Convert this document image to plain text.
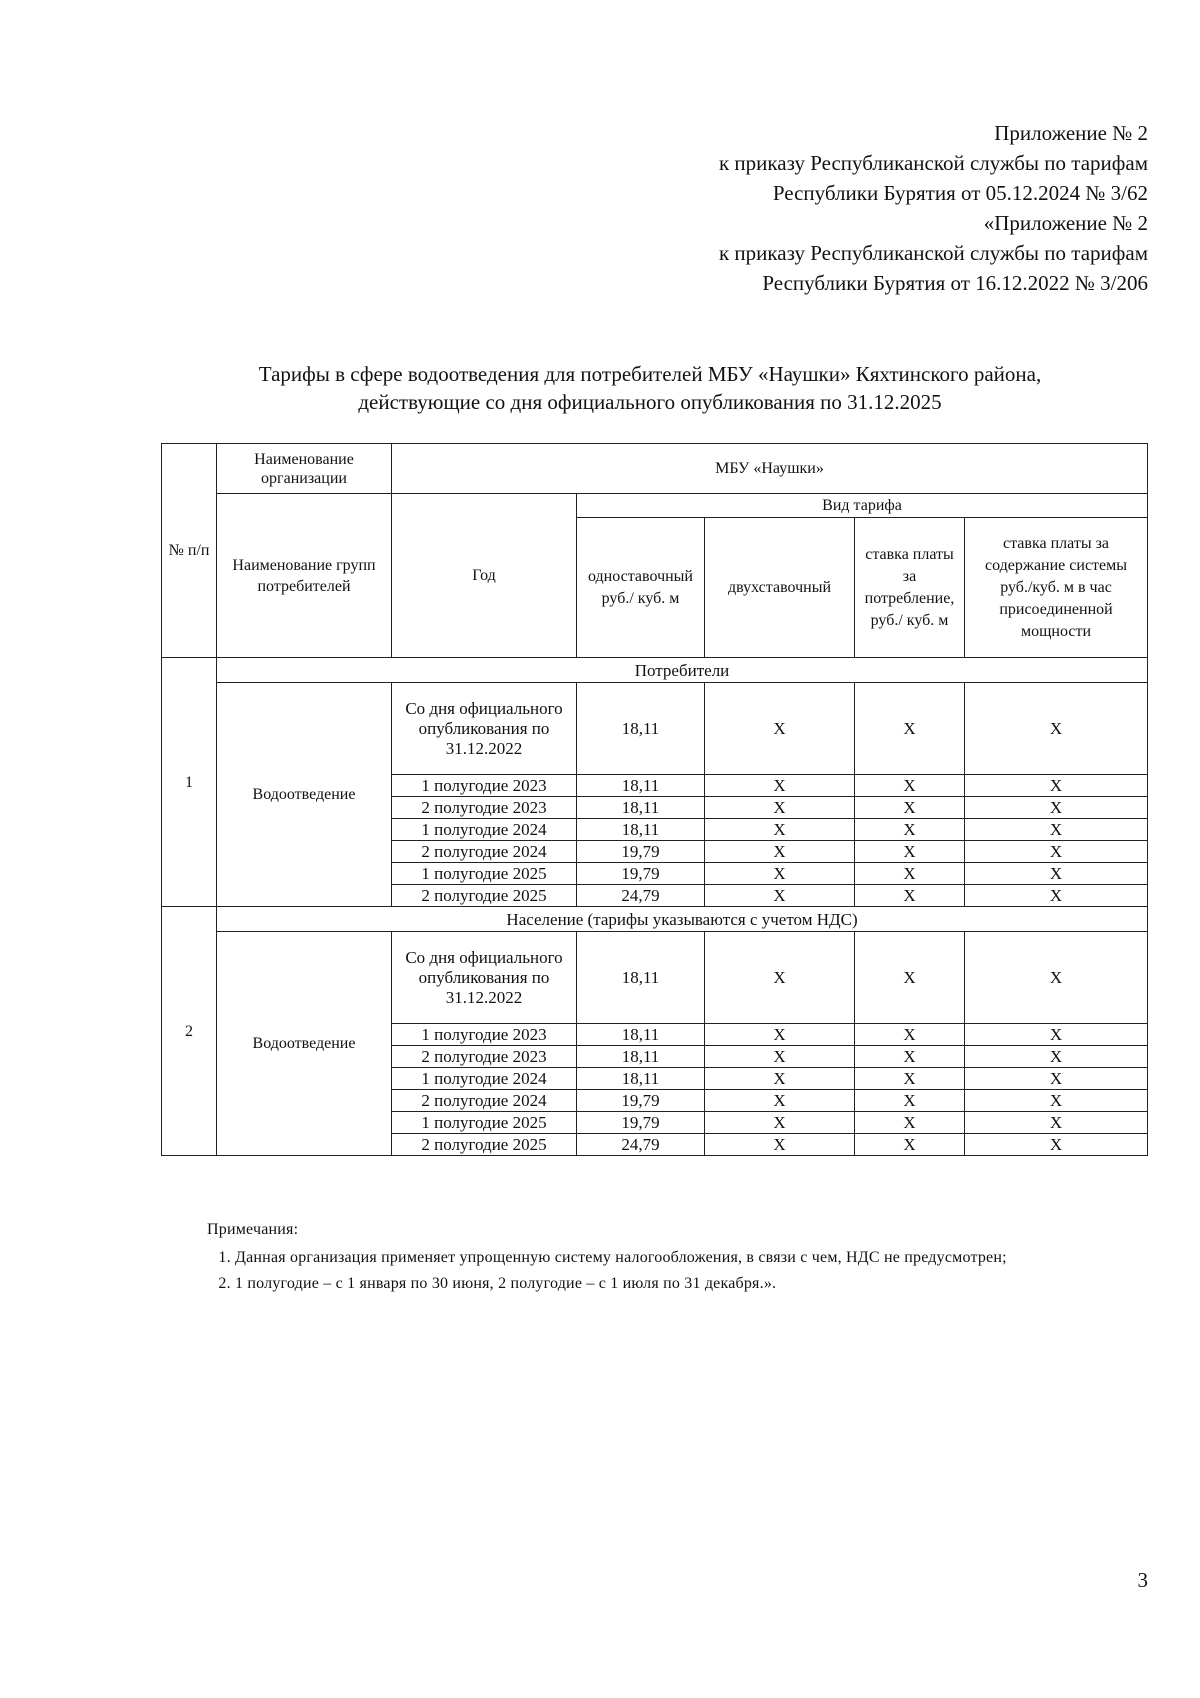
Приложение № 2
к приказу Республиканской службы по тарифам
Республики Бурятия от 05.12.2024 № 3/62
«Приложение № 2
к приказу Республиканской службы по тарифам
Республики Бурятия от 16.12.2022 № 3/206
Тарифы в сфере водоотведения для потребителей МБУ «Наушки» Кяхтинского района,
действующие со дня официального опубликования по 31.12.2025
№ п/п	Наименование организации	МБУ «Наушки»				
	Наименование групп потребителей	Год	Вид тарифа			
			одноставочный руб./ куб. м	двухставочный	ставка платы за потребление, руб./ куб. м	ставка платы за содержание системы руб./куб. м в час присоединенной мощности
1	Потребители					
	Водоотведение	Со дня официального опубликования по 31.12.2022	18,11	Х	Х	Х
		1 полугодие 2023	18,11	Х	Х	Х
		2 полугодие 2023	18,11	Х	Х	Х
		1 полугодие 2024	18,11	Х	Х	Х
		2 полугодие 2024	19,79	Х	Х	Х
		1 полугодие 2025	19,79	Х	Х	Х
		2 полугодие 2025	24,79	Х	Х	Х
2	Население (тарифы указываются с учетом НДС)					
	Водоотведение	Со дня официального опубликования по 31.12.2022	18,11	Х	Х	Х
		1 полугодие 2023	18,11	Х	Х	Х
		2 полугодие 2023	18,11	Х	Х	Х
		1 полугодие 2024	18,11	Х	Х	Х
		2 полугодие 2024	19,79	Х	Х	Х
		1 полугодие 2025	19,79	Х	Х	Х
		2 полугодие 2025	24,79	Х	Х	Х
Примечания:
1. Данная организация применяет упрощенную систему налогообложения, в связи с чем, НДС не предусмотрен;
2. 1 полугодие – с 1 января по 30 июня, 2 полугодие – с 1 июля по 31 декабря.».
3
